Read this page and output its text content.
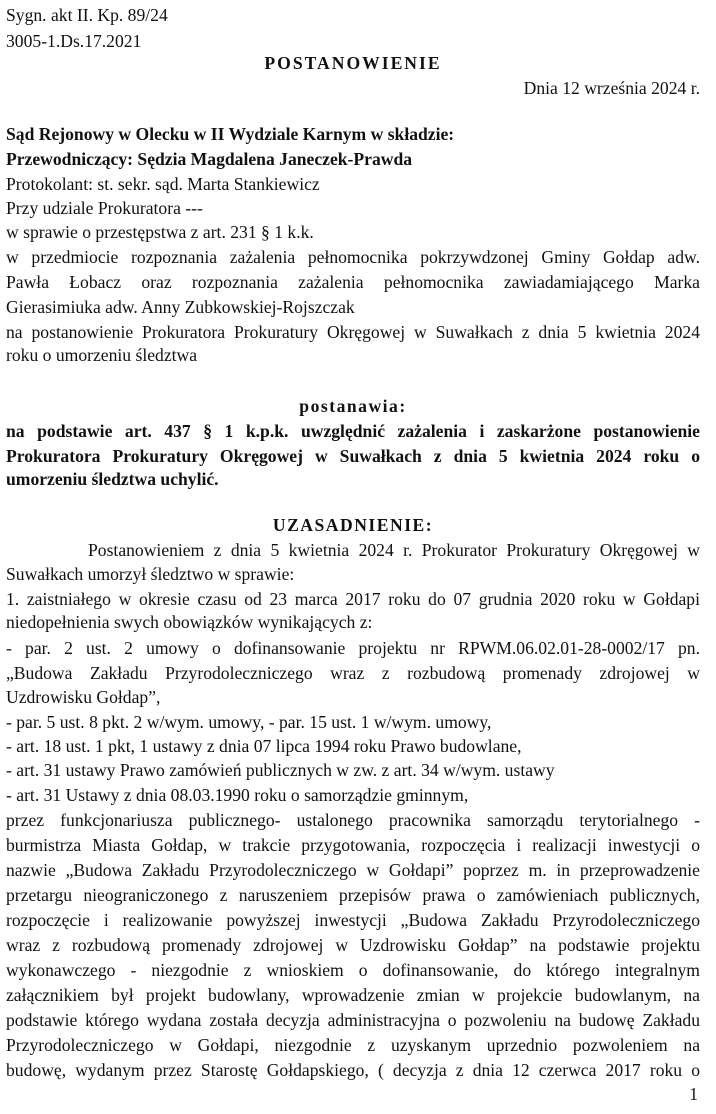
Sygn. akt II. Kp. 89/24
3005-1.Ds.17.2021
POSTANOWIENIE
Dnia 12 września 2024 r.
Sąd Rejonowy w Olecku w II Wydziale Karnym w składzie:
Przewodniczący: Sędzia Magdalena Janeczek-Prawda
Protokolant: st. sekr. sąd. Marta Stankiewicz
Przy udziale Prokuratora ---
w sprawie o przestępstwa z art. 231 § 1 k.k.
w przedmiocie rozpoznania zażalenia pełnomocnika pokrzywdzonej Gminy Gołdap adw.
Pawła Łobacz oraz rozpoznania zażalenia pełnomocnika zawiadamiającego Marka
Gierasimiuka adw. Anny Zubkowskiej-Rojszczak
na postanowienie Prokuratora Prokuratury Okręgowej w Suwałkach z dnia 5 kwietnia 2024
roku o umorzeniu śledztwa
postanawia:
na podstawie art. 437 § 1 k.p.k. uwzględnić zażalenia i zaskarżone postanowienie
Prokuratora Prokuratury Okręgowej w Suwałkach z dnia 5 kwietnia 2024 roku o
umorzeniu śledztwa uchylić.
UZASADNIENIE:
Postanowieniem z dnia 5 kwietnia 2024 r. Prokurator Prokuratury Okręgowej w
Suwałkach umorzył śledztwo w sprawie:
1. zaistniałego w okresie czasu od 23 marca 2017 roku do 07 grudnia 2020 roku w Gołdapi
niedopełnienia swych obowiązków wynikających z:
- par. 2 ust. 2 umowy o dofinansowanie projektu nr RPWM.06.02.01-28-0002/17 pn.
„Budowa Zakładu Przyrodoleczniczego wraz z rozbudową promenady zdrojowej w
Uzdrowisku Gołdap”,
- par. 5 ust. 8 pkt. 2 w/wym. umowy, - par. 15 ust. 1 w/wym. umowy,
- art. 18 ust. 1 pkt, 1 ustawy z dnia 07 lipca 1994 roku Prawo budowlane,
- art. 31 ustawy Prawo zamówień publicznych w zw. z art. 34 w/wym. ustawy
- art. 31 Ustawy z dnia 08.03.1990 roku o samorządzie gminnym,
przez funkcjonariusza publicznego- ustalonego pracownika samorządu terytorialnego -
burmistrza Miasta Gołdap, w trakcie przygotowania, rozpoczęcia i realizacji inwestycji o
nazwie „Budowa Zakładu Przyrodoleczniczego w Gołdapi” poprzez m. in przeprowadzenie
przetargu nieograniczonego z naruszeniem przepisów prawa o zamówieniach publicznych,
rozpoczęcie i realizowanie powyższej inwestycji „Budowa Zakładu Przyrodoleczniczego
wraz z rozbudową promenady zdrojowej w Uzdrowisku Gołdap” na podstawie projektu
wykonawczego - niezgodnie z wnioskiem o dofinansowanie, do którego integralnym
załącznikiem był projekt budowlany, wprowadzenie zmian w projekcie budowlanym, na
podstawie którego wydana została decyzja administracyjna o pozwoleniu na budowę Zakładu
Przyrodoleczniczego w Gołdapi, niezgodnie z uzyskanym uprzednio pozwoleniem na
budowę, wydanym przez Starostę Gołdapskiego, ( decyzja z dnia 12 czerwca 2017 roku o
1
